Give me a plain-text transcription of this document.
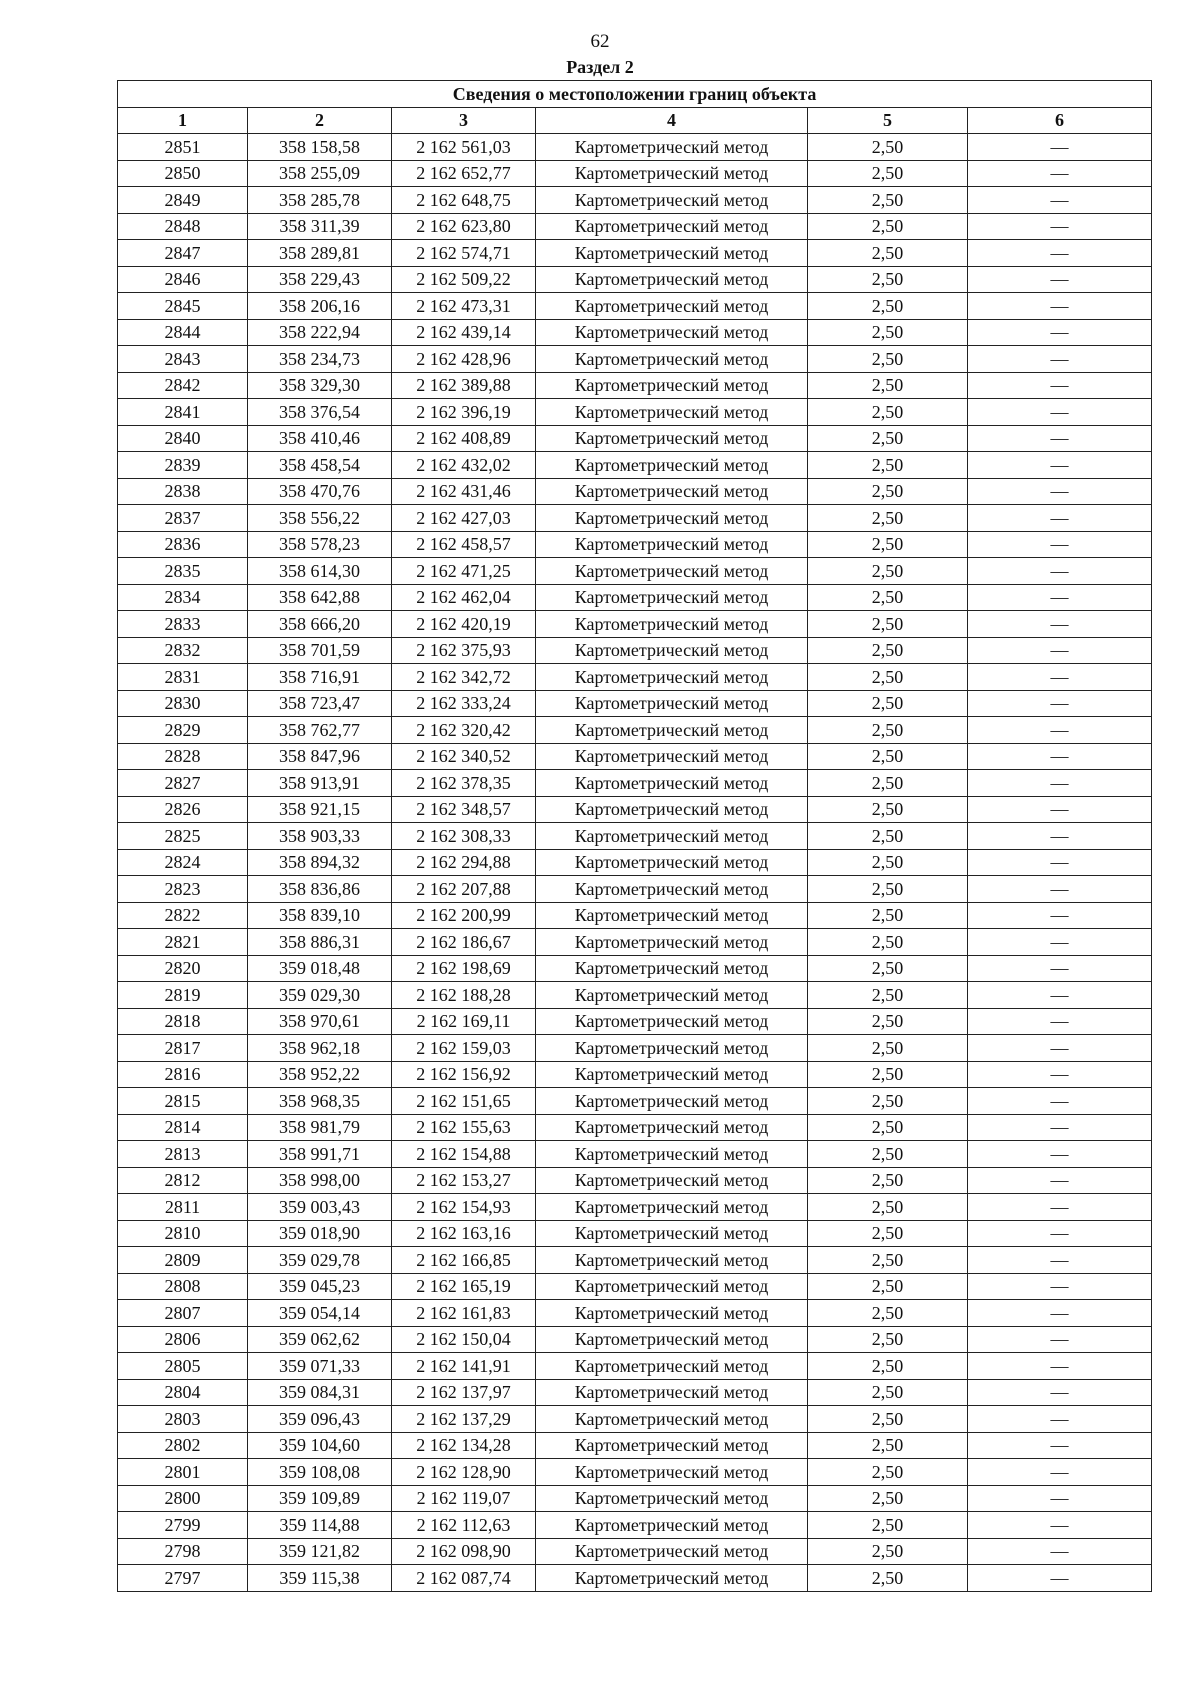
62
Раздел 2
Сведения о местоположении границ объекта					
1	2	3	4	5	6
2851	358 158,58	2 162 561,03	Картометрический метод	2,50	—
2850	358 255,09	2 162 652,77	Картометрический метод	2,50	—
2849	358 285,78	2 162 648,75	Картометрический метод	2,50	—
2848	358 311,39	2 162 623,80	Картометрический метод	2,50	—
2847	358 289,81	2 162 574,71	Картометрический метод	2,50	—
2846	358 229,43	2 162 509,22	Картометрический метод	2,50	—
2845	358 206,16	2 162 473,31	Картометрический метод	2,50	—
2844	358 222,94	2 162 439,14	Картометрический метод	2,50	—
2843	358 234,73	2 162 428,96	Картометрический метод	2,50	—
2842	358 329,30	2 162 389,88	Картометрический метод	2,50	—
2841	358 376,54	2 162 396,19	Картометрический метод	2,50	—
2840	358 410,46	2 162 408,89	Картометрический метод	2,50	—
2839	358 458,54	2 162 432,02	Картометрический метод	2,50	—
2838	358 470,76	2 162 431,46	Картометрический метод	2,50	—
2837	358 556,22	2 162 427,03	Картометрический метод	2,50	—
2836	358 578,23	2 162 458,57	Картометрический метод	2,50	—
2835	358 614,30	2 162 471,25	Картометрический метод	2,50	—
2834	358 642,88	2 162 462,04	Картометрический метод	2,50	—
2833	358 666,20	2 162 420,19	Картометрический метод	2,50	—
2832	358 701,59	2 162 375,93	Картометрический метод	2,50	—
2831	358 716,91	2 162 342,72	Картометрический метод	2,50	—
2830	358 723,47	2 162 333,24	Картометрический метод	2,50	—
2829	358 762,77	2 162 320,42	Картометрический метод	2,50	—
2828	358 847,96	2 162 340,52	Картометрический метод	2,50	—
2827	358 913,91	2 162 378,35	Картометрический метод	2,50	—
2826	358 921,15	2 162 348,57	Картометрический метод	2,50	—
2825	358 903,33	2 162 308,33	Картометрический метод	2,50	—
2824	358 894,32	2 162 294,88	Картометрический метод	2,50	—
2823	358 836,86	2 162 207,88	Картометрический метод	2,50	—
2822	358 839,10	2 162 200,99	Картометрический метод	2,50	—
2821	358 886,31	2 162 186,67	Картометрический метод	2,50	—
2820	359 018,48	2 162 198,69	Картометрический метод	2,50	—
2819	359 029,30	2 162 188,28	Картометрический метод	2,50	—
2818	358 970,61	2 162 169,11	Картометрический метод	2,50	—
2817	358 962,18	2 162 159,03	Картометрический метод	2,50	—
2816	358 952,22	2 162 156,92	Картометрический метод	2,50	—
2815	358 968,35	2 162 151,65	Картометрический метод	2,50	—
2814	358 981,79	2 162 155,63	Картометрический метод	2,50	—
2813	358 991,71	2 162 154,88	Картометрический метод	2,50	—
2812	358 998,00	2 162 153,27	Картометрический метод	2,50	—
2811	359 003,43	2 162 154,93	Картометрический метод	2,50	—
2810	359 018,90	2 162 163,16	Картометрический метод	2,50	—
2809	359 029,78	2 162 166,85	Картометрический метод	2,50	—
2808	359 045,23	2 162 165,19	Картометрический метод	2,50	—
2807	359 054,14	2 162 161,83	Картометрический метод	2,50	—
2806	359 062,62	2 162 150,04	Картометрический метод	2,50	—
2805	359 071,33	2 162 141,91	Картометрический метод	2,50	—
2804	359 084,31	2 162 137,97	Картометрический метод	2,50	—
2803	359 096,43	2 162 137,29	Картометрический метод	2,50	—
2802	359 104,60	2 162 134,28	Картометрический метод	2,50	—
2801	359 108,08	2 162 128,90	Картометрический метод	2,50	—
2800	359 109,89	2 162 119,07	Картометрический метод	2,50	—
2799	359 114,88	2 162 112,63	Картометрический метод	2,50	—
2798	359 121,82	2 162 098,90	Картометрический метод	2,50	—
2797	359 115,38	2 162 087,74	Картометрический метод	2,50	—
